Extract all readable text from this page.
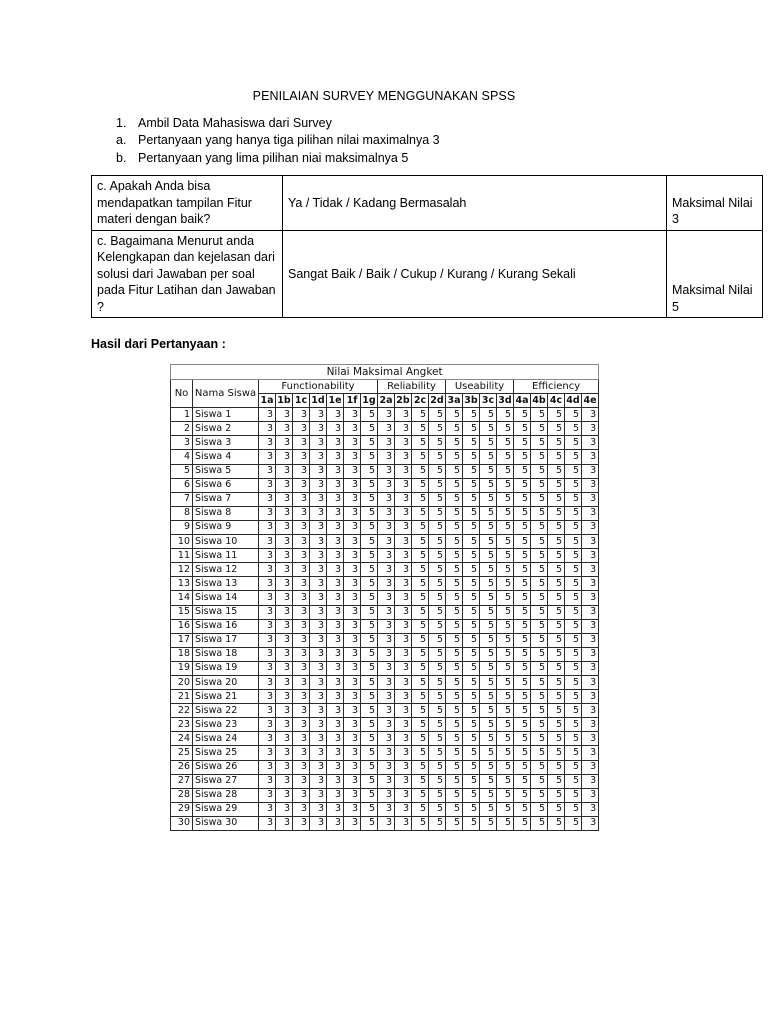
PENILAIAN SURVEY MENGGUNAKAN SPSS
1. Ambil Data Mahasiswa dari Survey
a. Pertanyaan yang hanya tiga pilihan nilai maximalnya 3
b. Pertanyaan yang lima pilihan niai maksimalnya 5
c. Apakah Anda bisa mendapatkan tampilan Fitur materi dengan baik?	Ya / Tidak / Kadang Bermasalah	Maksimal Nilai 3
c. Bagaimana Menurut anda Kelengkapan dan kejelasan dari solusi dari Jawaban per soal pada Fitur Latihan dan Jawaban ?	Sangat Baik / Baik / Cukup / Kurang / Kurang Sekali	Maksimal Nilai 5
Hasil dari Pertanyaan :
Nilai Maksimal Angket																					
No	Nama Siswa	Functionability							Reliability				Useability				Efficiency				
		1a	1b	1c	1d	1e	1f	1g	2a	2b	2c	2d	3a	3b	3c	3d	4a	4b	4c	4d	4e
1	Siswa 1	3	3	3	3	3	3	5	3	3	5	5	5	5	5	5	5	5	5	5	3
2	Siswa 2	3	3	3	3	3	3	5	3	3	5	5	5	5	5	5	5	5	5	5	3
3	Siswa 3	3	3	3	3	3	3	5	3	3	5	5	5	5	5	5	5	5	5	5	3
4	Siswa 4	3	3	3	3	3	3	5	3	3	5	5	5	5	5	5	5	5	5	5	3
5	Siswa 5	3	3	3	3	3	3	5	3	3	5	5	5	5	5	5	5	5	5	5	3
6	Siswa 6	3	3	3	3	3	3	5	3	3	5	5	5	5	5	5	5	5	5	5	3
7	Siswa 7	3	3	3	3	3	3	5	3	3	5	5	5	5	5	5	5	5	5	5	3
8	Siswa 8	3	3	3	3	3	3	5	3	3	5	5	5	5	5	5	5	5	5	5	3
9	Siswa 9	3	3	3	3	3	3	5	3	3	5	5	5	5	5	5	5	5	5	5	3
10	Siswa 10	3	3	3	3	3	3	5	3	3	5	5	5	5	5	5	5	5	5	5	3
11	Siswa 11	3	3	3	3	3	3	5	3	3	5	5	5	5	5	5	5	5	5	5	3
12	Siswa 12	3	3	3	3	3	3	5	3	3	5	5	5	5	5	5	5	5	5	5	3
13	Siswa 13	3	3	3	3	3	3	5	3	3	5	5	5	5	5	5	5	5	5	5	3
14	Siswa 14	3	3	3	3	3	3	5	3	3	5	5	5	5	5	5	5	5	5	5	3
15	Siswa 15	3	3	3	3	3	3	5	3	3	5	5	5	5	5	5	5	5	5	5	3
16	Siswa 16	3	3	3	3	3	3	5	3	3	5	5	5	5	5	5	5	5	5	5	3
17	Siswa 17	3	3	3	3	3	3	5	3	3	5	5	5	5	5	5	5	5	5	5	3
18	Siswa 18	3	3	3	3	3	3	5	3	3	5	5	5	5	5	5	5	5	5	5	3
19	Siswa 19	3	3	3	3	3	3	5	3	3	5	5	5	5	5	5	5	5	5	5	3
20	Siswa 20	3	3	3	3	3	3	5	3	3	5	5	5	5	5	5	5	5	5	5	3
21	Siswa 21	3	3	3	3	3	3	5	3	3	5	5	5	5	5	5	5	5	5	5	3
22	Siswa 22	3	3	3	3	3	3	5	3	3	5	5	5	5	5	5	5	5	5	5	3
23	Siswa 23	3	3	3	3	3	3	5	3	3	5	5	5	5	5	5	5	5	5	5	3
24	Siswa 24	3	3	3	3	3	3	5	3	3	5	5	5	5	5	5	5	5	5	5	3
25	Siswa 25	3	3	3	3	3	3	5	3	3	5	5	5	5	5	5	5	5	5	5	3
26	Siswa 26	3	3	3	3	3	3	5	3	3	5	5	5	5	5	5	5	5	5	5	3
27	Siswa 27	3	3	3	3	3	3	5	3	3	5	5	5	5	5	5	5	5	5	5	3
28	Siswa 28	3	3	3	3	3	3	5	3	3	5	5	5	5	5	5	5	5	5	5	3
29	Siswa 29	3	3	3	3	3	3	5	3	3	5	5	5	5	5	5	5	5	5	5	3
30	Siswa 30	3	3	3	3	3	3	5	3	3	5	5	5	5	5	5	5	5	5	5	3
